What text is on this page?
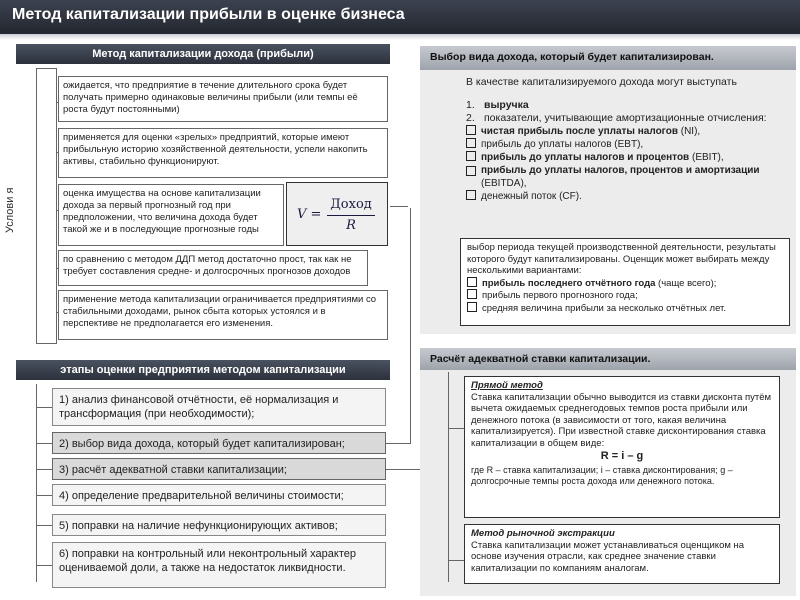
Метод капитализации прибыли в оценке бизнеса
Метод капитализации дохода (прибыли)
Услови я
ожидается, что предприятие в течение длительного срока будет получать примерно одинаковые величины прибыли (или темпы её роста будут постоянными)
применяется для оценки «зрелых» предприятий, которые имеют прибыльную историю хозяйственной деятельности, успели накопить активы, стабильно функционируют.
оценка имущества на основе капитализации дохода за первый прогнозный год при предположении, что величина дохода будет такой же и в последующие прогнозные годы
V =
Доход
R
по сравнению с методом ДДП метод достаточно прост, так как не требует составления средне- и долгосрочных прогнозов доходов
применение метода капитализации ограничивается предприятиями со стабильными доходами, рынок сбыта которых устоялся и в перспективе не предполагается его изменения.
этапы оценки предприятия методом капитализации
1) анализ финансовой отчётности, её нормализация и трансформация (при необходимости);
2) выбор вида дохода, который будет капитализирован;
3) расчёт адекватной ставки капитализации;
4) определение предварительной величины стоимости;
5) поправки на наличие нефункционирующих активов;
6) поправки на контрольный или неконтрольный характер оцениваемой доли, а также на недостаток ликвидности.
Выбор вида дохода, который будет капитализирован.
В качестве капитализируемого дохода могут выступать
1. выручка
2. показатели, учитывающие амортизационные отчисления:
чистая прибыль после уплаты налогов (NI),
прибыль до уплаты налогов (EBT),
прибыль до уплаты налогов и процентов (EBIT),
прибыль до уплаты налогов, процентов и амортизации (EBITDA),
денежный поток (CF).
выбор периода текущей производственной деятельности, результаты которого будут капитализированы. Оценщик может выбирать между несколькими вариантами:
прибыль последнего отчётного года (чаще всего);
прибыль первого прогнозного года;
средняя величина прибыли за несколько отчётных лет.
Расчёт адекватной ставки капитализации.
Прямой метод
Ставка капитализации обычно выводится из ставки дисконта путём вычета ожидаемых среднегодовых темпов роста прибыли или денежного потока (в зависимости от того, какая величина капитализируется). При известной ставке дисконтирования ставка капитализации в общем виде:
R = i – g
где R – ставка капитализации; i – ставка дисконтирования; g – долгосрочные темпы роста дохода или денежного потока.
Метод рыночной экстракции
Ставка капитализации может устанавливаться оценщиком на основе изучения отрасли, как среднее значение ставки капитализации по компаниям аналогам.
